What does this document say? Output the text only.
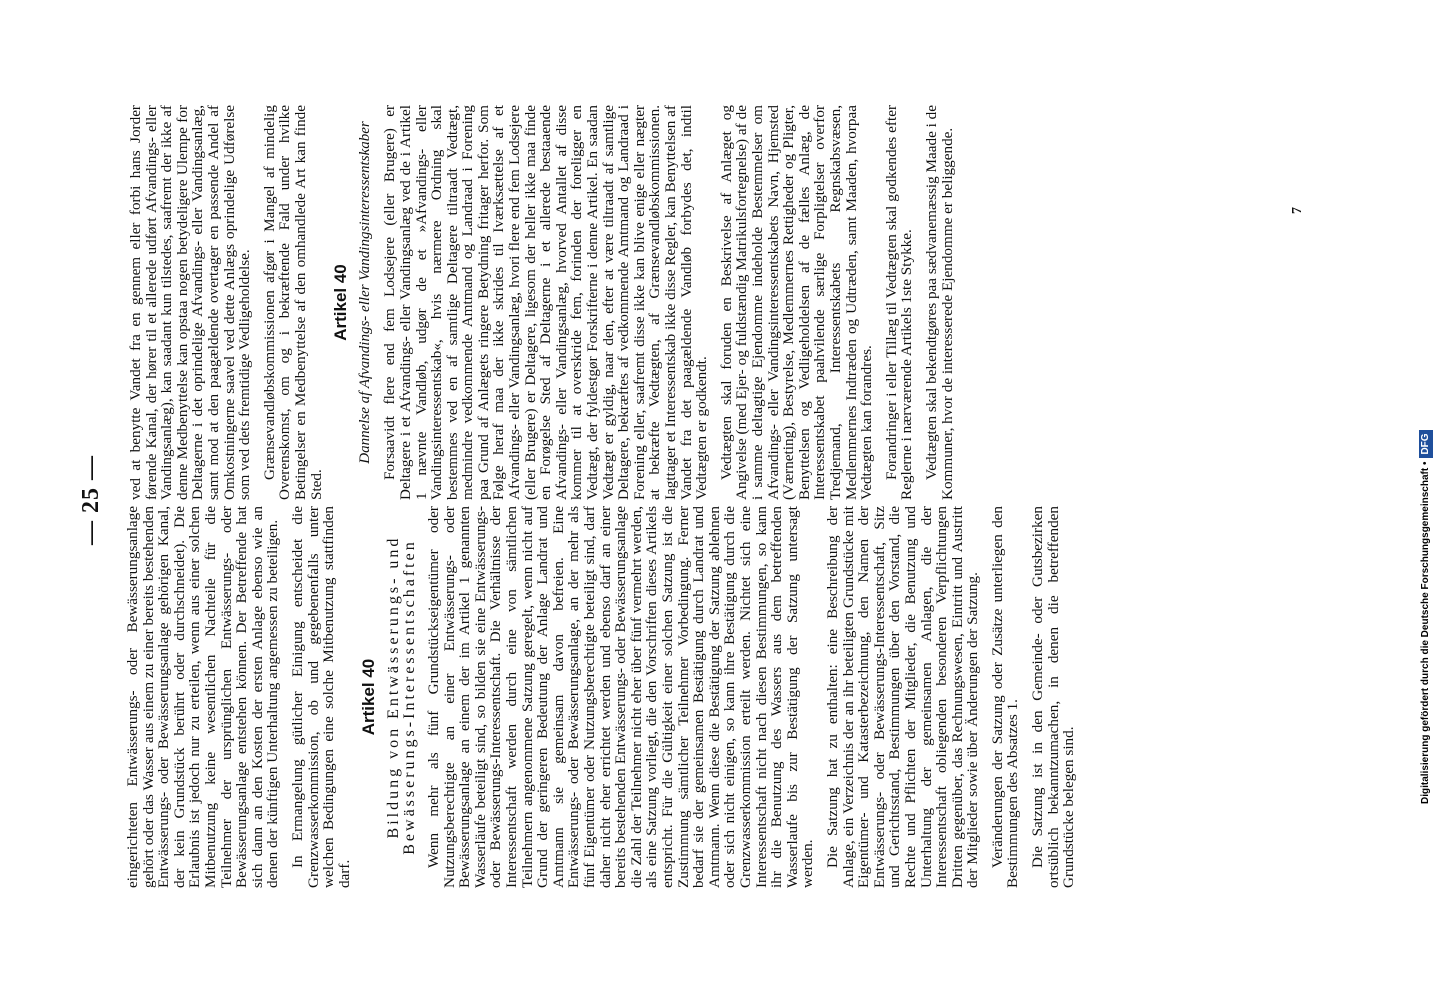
— 25 —

eingerichteten Entwässerungs- oder Bewässerungsanlage gehört oder das Wasser aus einem zu einer bereits bestehenden Entwässerungs- oder Bewässerungsanlage gehörigen Kanal, der kein Grundstück berührt oder durchschneidet). Die Erlaubnis ist jedoch nur zu erteilen, wenn aus einer solchen Mitbenutzung keine wesentlichen Nachteile für die Teilnehmer der ursprünglichen Entwässerungs- oder Bewässerungsanlage entstehen können. Der Betreffende hat sich dann an den Kosten der ersten Anlage ebenso wie an denen der künftigen Unterhaltung angemessen zu beteiligen. In Ermangelung gütlicher Einigung entscheidet die Grenzwasserkommission, ob und gegebenenfalls unter welchen Bedingungen eine solche Mitbenutzung stattfinden darf.

Artikel 40 Bildung von Entwässerungs- und Bewässerungs-Interessentschaften Wenn mehr als fünf Grundstückseigentümer oder Nutzungsberechtigte an einer Entwässerungs- oder Bewässerungsanlage an einem der im Artikel 1 genannten Wasserläufe beteiligt sind, so bilden sie eine Entwässerungs- oder Bewässerungs-Interessentschaft. Die Verhältnisse der Interessentschaft werden durch eine von sämtlichen Teilnehmern angenommene Satzung geregelt, wenn nicht auf Grund der geringeren Bedeutung der Anlage Landrat und Amtmann sie gemeinsam davon befreien. Eine Entwässerungs- oder Bewässerungsanlage, an der mehr als fünf Eigentümer oder Nutzungsberechtigte beteiligt sind, darf daher nicht eher errichtet werden und ebenso darf an einer bereits bestehenden Entwässerungs- oder Bewässerungsanlage die Zahl der Teilnehmer nicht eher über fünf vermehrt werden, als eine Satzung vorliegt, die den Vorschriften dieses Artikels entspricht. Für die Gültigkeit einer solchen Satzung ist die Zustimmung sämtlicher Teilnehmer Vorbedingung. Ferner bedarf sie der gemeinsamen Bestätigung durch Landrat und Amtmann. Wenn diese die Bestätigung der Satzung ablehnen oder sich nicht einigen, so kann ihre Bestätigung durch die Grenzwasserkommission erteilt werden. Nichtet sich eine Interessentschaft nicht nach diesen Bestimmungen, so kann ihr die Benutzung des Wassers aus dem betreffenden Wasserlaufe bis zur Bestätigung der Satzung untersagt werden. Die Satzung hat zu enthalten: eine Beschreibung der Anlage, ein Verzeichnis der an ihr beteiligten Grundstücke mit Eigentümer- und Katasterbezeichnung, den Namen der Entwässerungs- oder Bewässerungs-Interessentschaft, Sitz und Gerichtsstand, Bestimmungen über den Vorstand, die Rechte und Pflichten der Mitglieder, die Benutzung und Unterhaltung der gemeinsamen Anlagen, die der Interessentschaft obliegenden besonderen Verpflichtungen Dritten gegenüber, das Rechnungswesen, Eintritt und Austritt der Mitglieder sowie über Änderungen der Satzung. Veränderungen der Satzung oder Zusätze unterliegen den Bestimmungen des Absatzes 1. Die Satzung ist in den Gemeinde- oder Gutsbezirken ortsüblich bekanntzumachen, in denen die betreffenden Grundstücke belegen sind.

ved at benytte Vandet fra en gennem eller forbi hans Jorder førende Kanal, der hører til et allerede udført Afvandings- eller Vandingsanlæg), kan saadant kun tilstedes, saafremt der ikke af denne Medbenyttelse kan opstaa nogen betydeligere Ulempe for Deltagerne i det oprindelige Afvandings- eller Vandingsanlæg, samt mod at den paagældende overtager en passende Andel af Omkostningerne saavel ved dette Anlægs oprindelige Udførelse som ved dets fremtidige Vedligeholdelse. Grænsevandløbskommissionen afgør i Mangel af mindelig Overenskomst, om og i bekræftende Fald under hvilke Betingelser en Medbenyttelse af den omhandlede Art kan finde Sted.

Artikel 40 Dannelse af Afvandings- eller Vandingsinteressentskaber Forsaavidt flere end fem Lodsejere (eller Brugere) er Deltagere i et Afvandings- eller Vandingsanlæg ved de i Artikel 1 nævnte Vandløb, udgør de et »Afvandings- eller Vandingsinteressentskab«, hvis nærmere Ordning skal bestemmes ved en af samtlige Deltagere tiltraadt Vedtægt, medmindre vedkommende Amtmand og Landraad i Forening paa Grund af Anlægets ringere Betydning fritager herfor. Som Følge heraf maa der ikke skrides til Iværksættelse af et Afvandings- eller Vandingsanlæg, hvori flere end fem Lodsejere (eller Brugere) er Deltagere, ligesom der heller ikke maa finde en Forøgelse Sted af Deltagerne i et allerede bestaaende Afvandings- eller Vandingsanlæg, hvorved Antallet af disse kommer til at overskride fem, forinden der foreligger en Vedtægt, der fyldestgør Forskrifterne i denne Artikel. En saadan Vedtægt er gyldig, naar den, efter at være tiltraadt af samtlige Deltagere, bekræftes af vedkommende Amtmand og Landraad i Forening eller, saafremt disse ikke kan blive enige eller nægter at bekræfte Vedtægten, af Grænsevandløbskommissionen. Iagttager et Interessentskab ikke disse Regler, kan Benyttelsen af Vandet fra det paagældende Vandløb forbydes det, indtil Vedtægten er godkendt. Vedtægten skal foruden en Beskrivelse af Anlæget og Angivelse (med Ejer- og fuldstændig Matrikulsfortegnelse) af de i samme deltagtige Ejendomme indeholde Bestemmelser om Afvandings- eller Vandingsinteressentskabets Navn, Hjemsted (Værneting), Bestyrelse, Medlemmernes Rettigheder og Pligter, Benyttelsen og Vedligeholdelsen af de fælles Anlæg, de Interessentskabet paahvilende særlige Forpligtelser overfor Tredjemand, Interessentskabets Regnskabsvæsen, Medlemmernes Indtræden og Udtræden, samt Maaden, hvorpaa Vedtægten kan forandres. Forandringer i eller Tillæg til Vedtægten skal godkendes efter Reglerne i nærværende Artikels 1ste Stykke. Vedtægten skal bekendtgøres paa sædvanemæssig Maade i de Kommuner, hvor de interesserede Ejendomme er beliggende.	7
Digitalisierung gefördert durch die Deutsche Forschungsgemeinschaft •DFG
